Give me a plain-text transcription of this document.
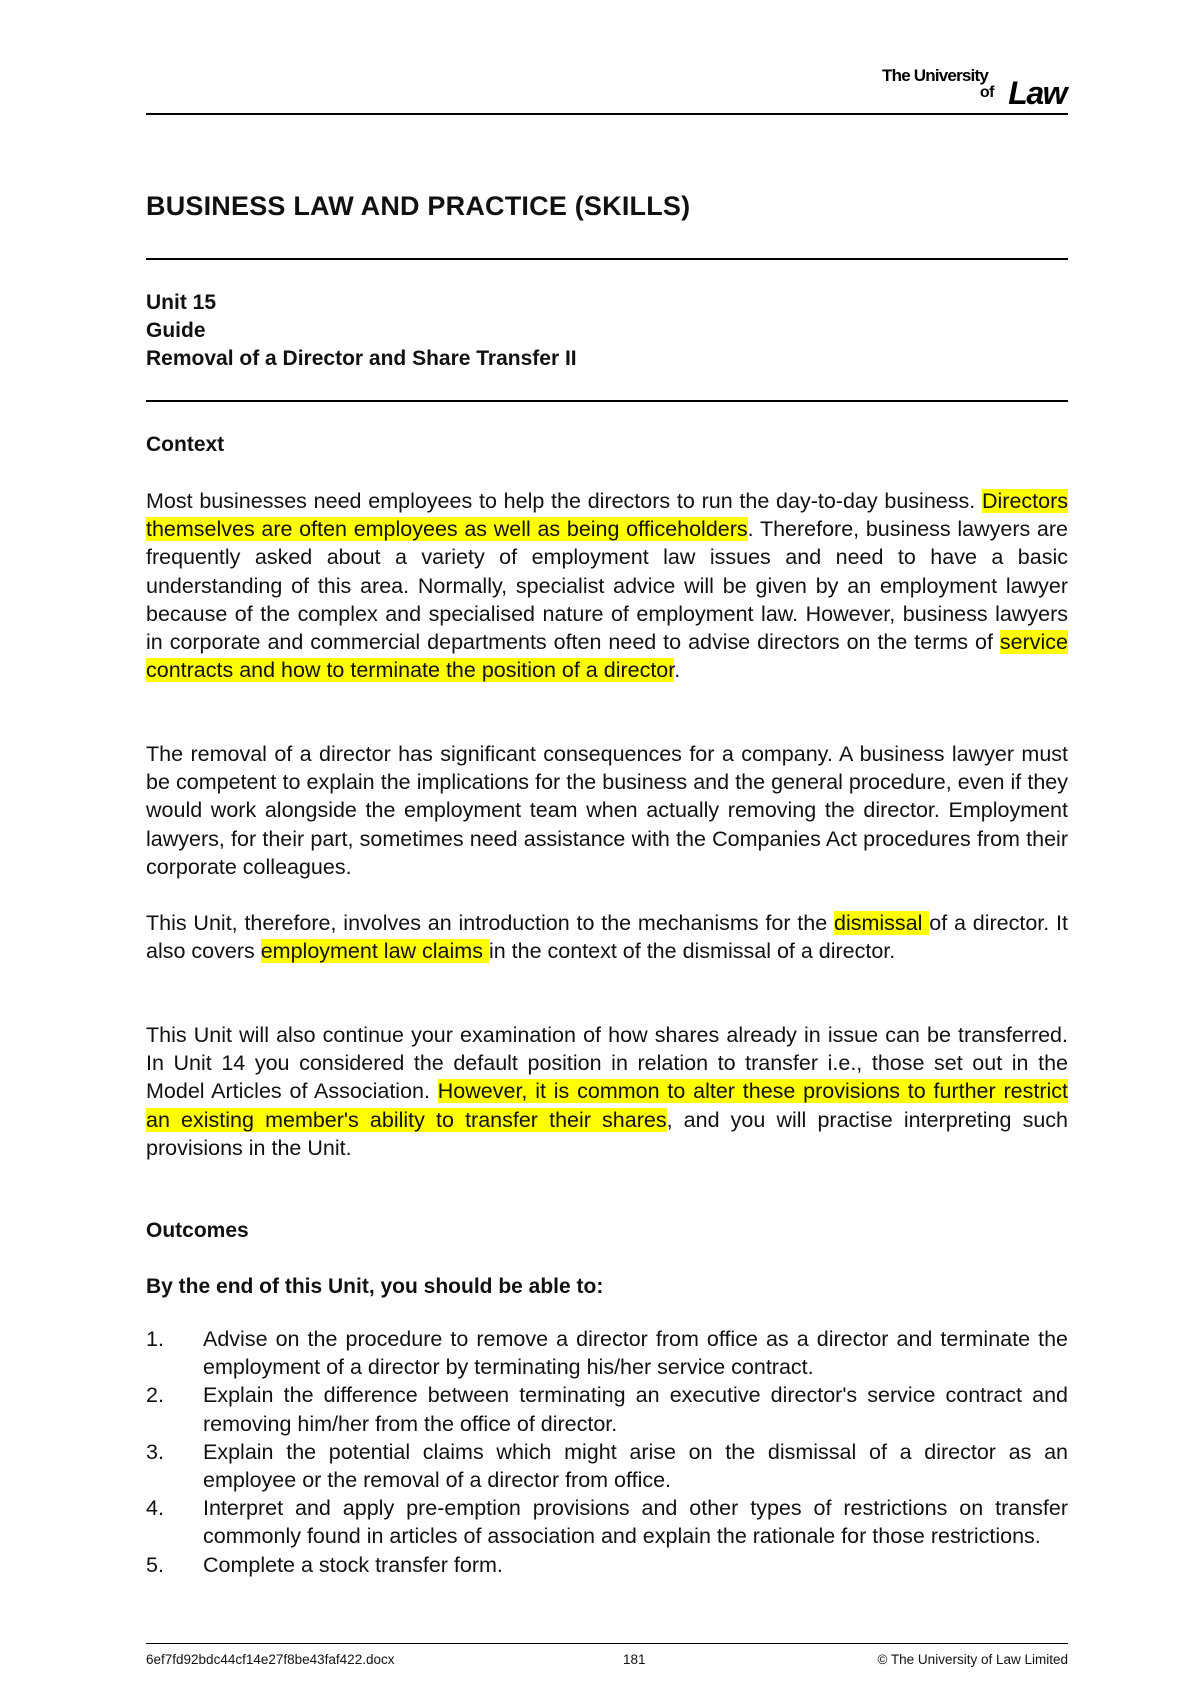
The University
of Law
BUSINESS LAW AND PRACTICE (SKILLS)
Unit 15
Guide
Removal of a Director and Share Transfer II
Context

Most businesses need employees to help the directors to run the day-to-day business. Directors themselves are often employees as well as being officeholders. Therefore, business lawyers are frequently asked about a variety of employment law issues and need to have a basic understanding of this area. Normally, specialist advice will be given by an employment lawyer because of the complex and specialised nature of employment law. However, business lawyers in corporate and commercial departments often need to advise directors on the terms of service contracts and how to terminate the position of a director.

The removal of a director has significant consequences for a company. A business lawyer must be competent to explain the implications for the business and the general procedure, even if they would work alongside the employment team when actually removing the director. Employment lawyers, for their part, sometimes need assistance with the Companies Act procedures from their corporate colleagues.

This Unit, therefore, involves an introduction to the mechanisms for the dismissal of a director. It also covers employment law claims in the context of the dismissal of a director.

This Unit will also continue your examination of how shares already in issue can be transferred. In Unit 14 you considered the default position in relation to transfer i.e., those set out in the Model Articles of Association. However, it is common to alter these provisions to further restrict an existing member's ability to transfer their shares, and you will practise interpreting such provisions in the Unit.

Outcomes
By the end of this Unit, you should be able to:
1. Advise on the procedure to remove a director from office as a director and terminate the employment of a director by terminating his/her service contract.
2. Explain the difference between terminating an executive director's service contract and removing him/her from the office of director.
3. Explain the potential claims which might arise on the dismissal of a director as an employee or the removal of a director from office.
4. Interpret and apply pre-emption provisions and other types of restrictions on transfer commonly found in articles of association and explain the rationale for those restrictions.
5. Complete a stock transfer form.
6ef7fd92bdc44cf14e27f8be43faf422.docx	181	© The University of Law Limited
